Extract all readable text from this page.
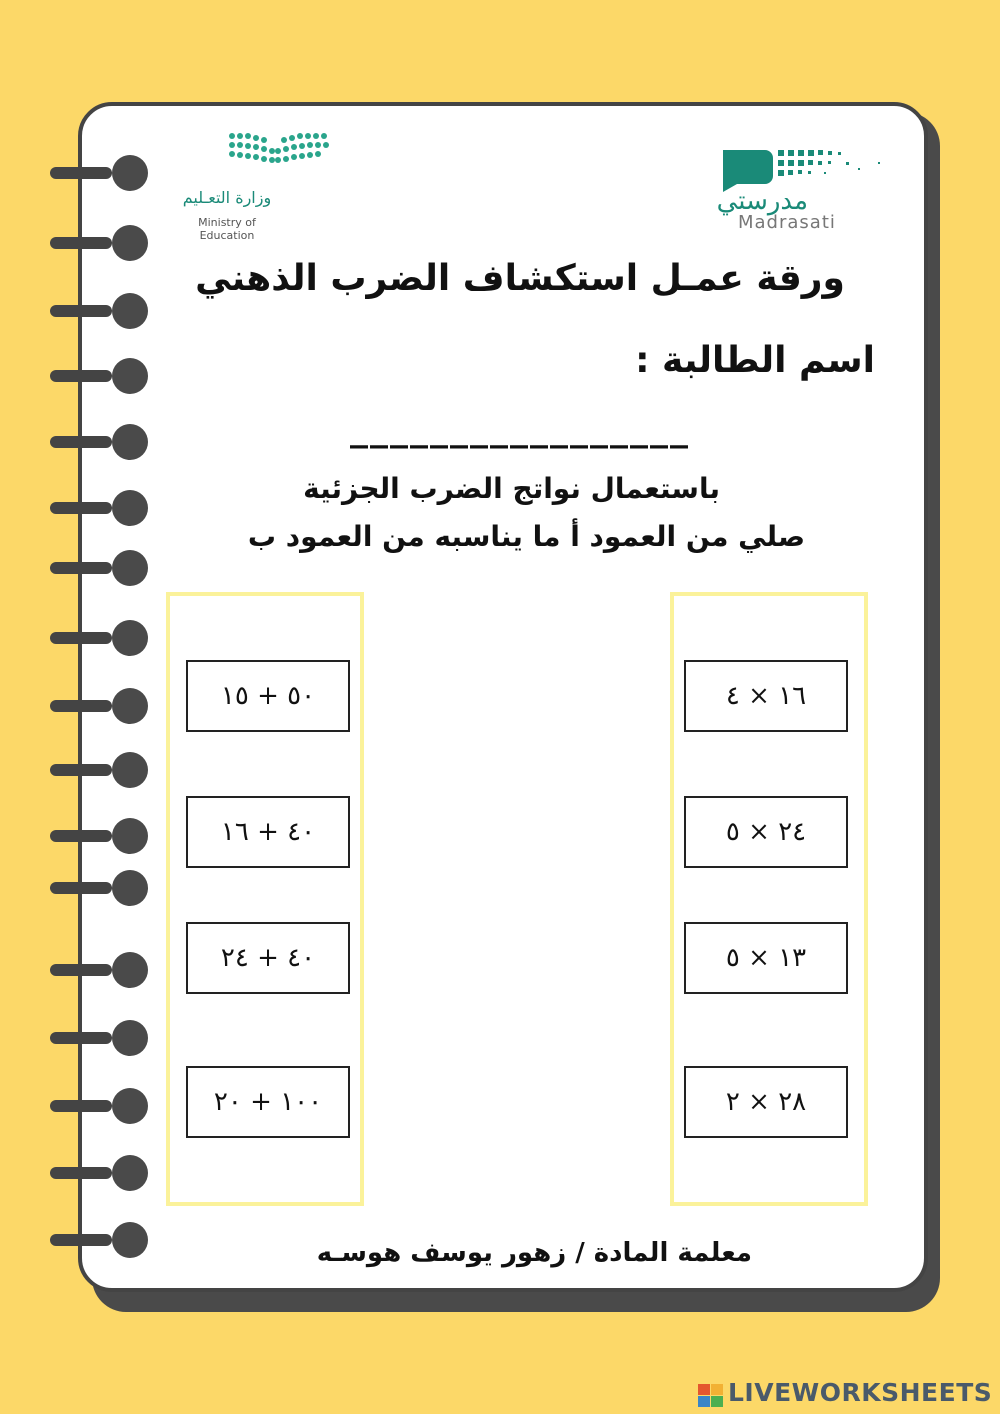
وزارة التعـليم
Ministry of Education
مدرستي
Madrasati
ورقة عمـل استكشاف الضرب الذهني
اسم الطالبة :
_________________
باستعمال نواتج الضرب الجزئية
صلي من العمود أ ما يناسبه من العمود ب
١٦ × ٤
٢٤ × ٥
١٣ × ٥
٢٨ × ٢
٥٠ + ١٥
٤٠ + ١٦
٤٠ + ٢٤
١٠٠ + ٢٠
معلمة المادة / زهور يوسف هوسـه
LIVEWORKSHEETS
